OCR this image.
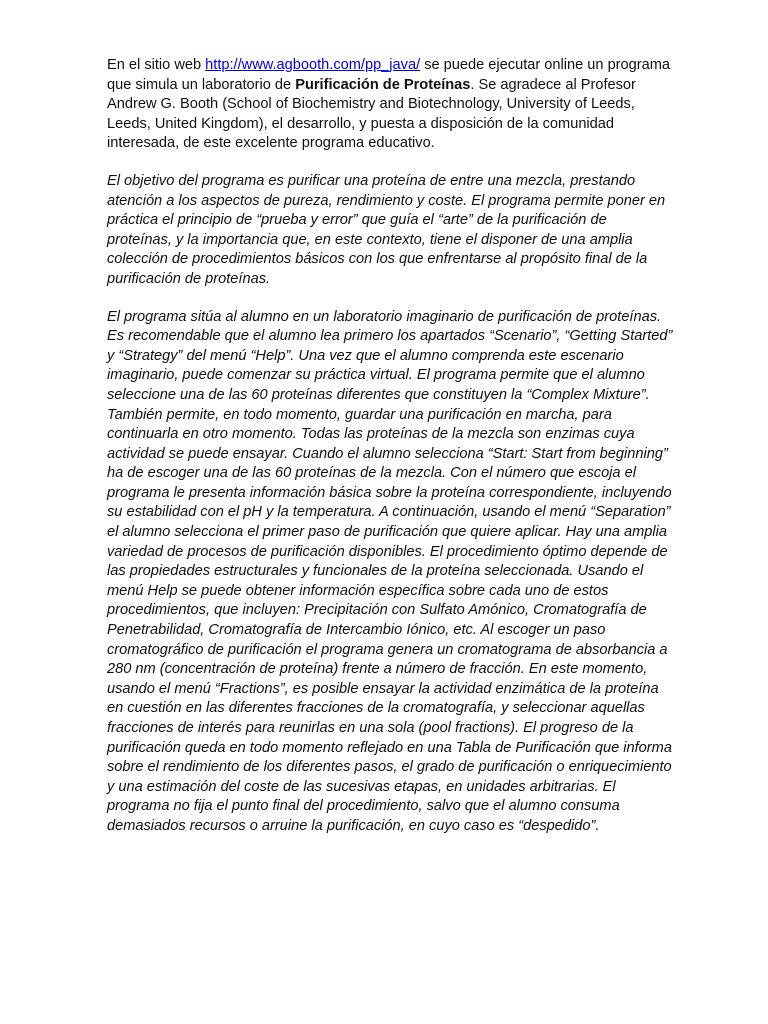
En el sitio web http://www.agbooth.com/pp_java/ se puede ejecutar online un programa que simula un laboratorio de Purificación de Proteínas. Se agradece al Profesor Andrew G. Booth (School of Biochemistry and Biotechnology, University of Leeds, Leeds, United Kingdom), el desarrollo, y puesta a disposición de la comunidad interesada, de este excelente programa educativo.

El objetivo del programa es purificar una proteína de entre una mezcla, prestando atención a los aspectos de pureza, rendimiento y coste. El programa permite poner en práctica el principio de “prueba y error” que guía el “arte” de la purificación de proteínas, y la importancia que, en este contexto, tiene el disponer de una amplia colección de procedimientos básicos con los que enfrentarse al propósito final de la purificación de proteínas.

El programa sitúa al alumno en un laboratorio imaginario de purificación de proteínas. Es recomendable que el alumno lea primero los apartados “Scenario”, “Getting Started” y “Strategy” del menú “Help”. Una vez que el alumno comprenda este escenario imaginario, puede comenzar su práctica virtual. El programa permite que el alumno seleccione una de las 60 proteínas diferentes que constituyen la “Complex Mixture”. También permite, en todo momento, guardar una purificación en marcha, para continuarla en otro momento. Todas las proteínas de la mezcla son enzimas cuya actividad se puede ensayar. Cuando el alumno selecciona “Start: Start from beginning” ha de escoger una de las 60 proteínas de la mezcla. Con el número que escoja el programa le presenta información básica sobre la proteína correspondiente, incluyendo su estabilidad con el pH y la temperatura. A continuación, usando el menú “Separation” el alumno selecciona el primer paso de purificación que quiere aplicar. Hay una amplia variedad de procesos de purificación disponibles. El procedimiento óptimo depende de las propiedades estructurales y funcionales de la proteína seleccionada. Usando el menú Help se puede obtener información específica sobre cada uno de estos procedimientos, que incluyen: Precipitación con Sulfato Amónico, Cromatografía de Penetrabilidad, Cromatografía de Intercambio Iónico, etc. Al escoger un paso cromatográfico de purificación el programa genera un cromatograma de absorbancia a 280 nm (concentración de proteína) frente a número de fracción. En este momento, usando el menú “Fractions”, es posible ensayar la actividad enzimática de la proteína en cuestión en las diferentes fracciones de la cromatografía, y seleccionar aquellas fracciones de interés para reunirlas en una sola (pool fractions). El progreso de la purificación queda en todo momento reflejado en una Tabla de Purificación que informa sobre el rendimiento de los diferentes pasos, el grado de purificación o enriquecimiento y una estimación del coste de las sucesivas etapas, en unidades arbitrarias. El programa no fija el punto final del procedimiento, salvo que el alumno consuma demasiados recursos o arruine la purificación, en cuyo caso es “despedido”.
